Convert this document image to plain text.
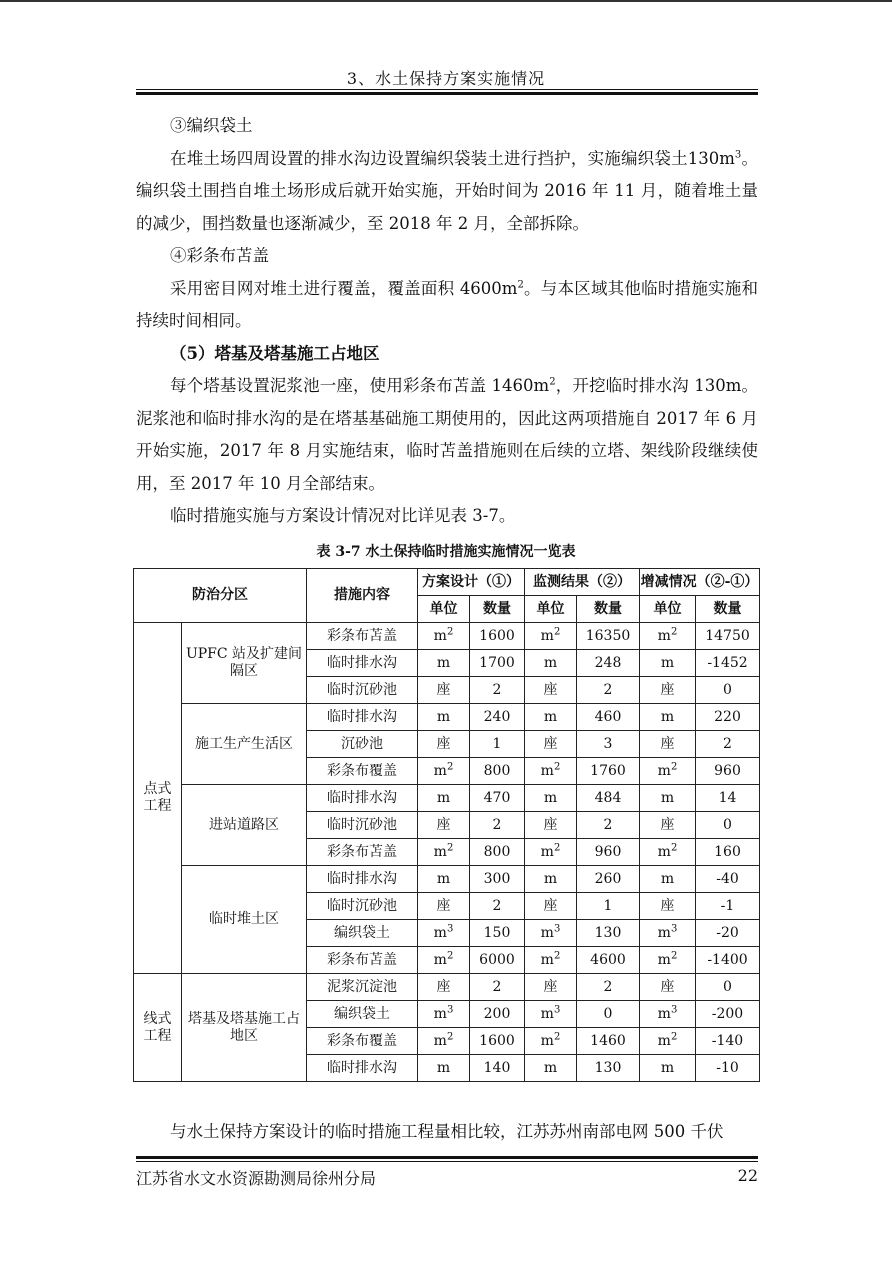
3、水土保持方案实施情况

③编织袋土

在堆土场四周设置的排水沟边设置编织袋装土进行挡护，实施编织袋土$130m^3$。编织袋土围挡自堆土场形成后就开始实施，开始时间为 2016 年 11 月，随着堆土量的减少，围挡数量也逐渐减少，至 2018 年 2 月，全部拆除。

④彩条布苫盖

采用密目网对堆土进行覆盖，覆盖面积 $4600m^2$。与本区域其他临时措施实施和持续时间相同。

（5）塔基及塔基施工占地区

每个塔基设置泥浆池一座，使用彩条布苫盖 $1460m^2$，开挖临时排水沟 130m。泥浆池和临时排水沟的是在塔基基础施工期使用的，因此这两项措施自 2017 年 6 月开始实施，2017 年 8 月实施结束，临时苫盖措施则在后续的立塔、架线阶段继续使用，至 2017 年 10 月全部结束。

临时措施实施与方案设计情况对比详见表 3-7。

表 3-7 水土保持临时措施实施情况一览表
防治分区		措施内容	方案设计（①）		监测结果（②）		增减情况（②-①）	
			单位	数量	单位	数量	单位	数量
点式工程	UPFC 站及扩建间隔区	彩条布苫盖	$m^2$	1600	$m^2$	16350	$m^2$	14750
		临时排水沟	m	1700	m	248	m	-1452
		临时沉砂池	座	2	座	2	座	0
	施工生产生活区	临时排水沟	m	240	m	460	m	220
		沉砂池	座	1	座	3	座	2
		彩条布覆盖	$m^2$	800	$m^2$	1760	$m^2$	960
	进站道路区	临时排水沟	m	470	m	484	m	14
		临时沉砂池	座	2	座	2	座	0
		彩条布苫盖	$m^2$	800	$m^2$	960	$m^2$	160
	临时堆土区	临时排水沟	m	300	m	260	m	-40
		临时沉砂池	座	2	座	1	座	-1
		编织袋土	$m^3$	150	$m^3$	130	$m^3$	-20
		彩条布苫盖	$m^2$	6000	$m^2$	4600	$m^2$	-1400
线式工程	塔基及塔基施工占地区	泥浆沉淀池	座	2	座	2	座	0
		编织袋土	$m^3$	200	$m^3$	0	$m^3$	-200
		彩条布覆盖	$m^2$	1600	$m^2$	1460	$m^2$	-140
		临时排水沟	m	140	m	130	m	-10

与水土保持方案设计的临时措施工程量相比较，江苏苏州南部电网 500 千伏

江苏省水文水资源勘测局徐州分局	22
